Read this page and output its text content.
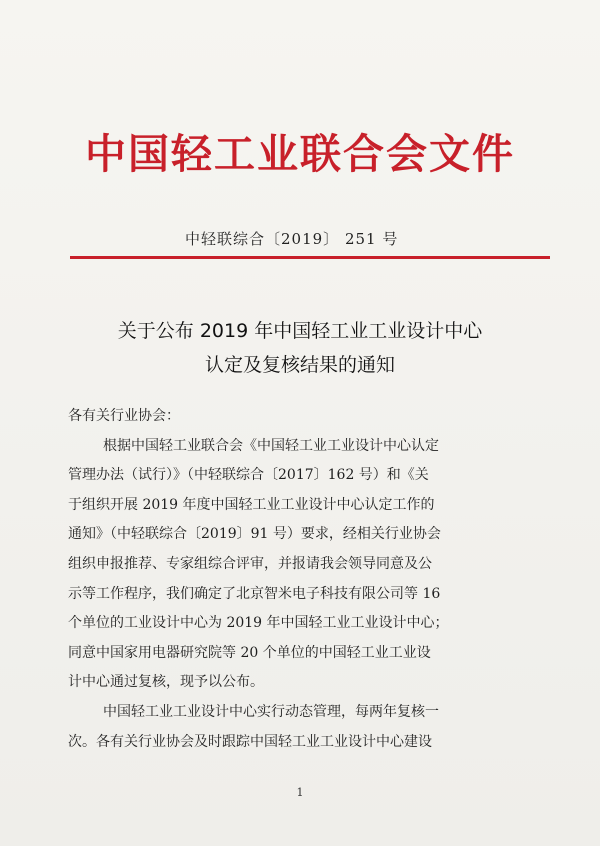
中国轻工业联合会文件
中轻联综合〔2019〕 251 号
关于公布 2019 年中国轻工业工业设计中心
认定及复核结果的通知
各有关行业协会：
根据中国轻工业联合会《中国轻工业工业设计中心认定
管理办法（试行）》（中轻联综合〔2017〕162 号）和《关
于组织开展 2019 年度中国轻工业工业设计中心认定工作的
通知》（中轻联综合〔2019〕91 号）要求，经相关行业协会
组织申报推荐、专家组综合评审，并报请我会领导同意及公
示等工作程序，我们确定了北京智米电子科技有限公司等 16
个单位的工业设计中心为 2019 年中国轻工业工业设计中心；
同意中国家用电器研究院等 20 个单位的中国轻工业工业设
计中心通过复核，现予以公布。
中国轻工业工业设计中心实行动态管理，每两年复核一
次。各有关行业协会及时跟踪中国轻工业工业设计中心建设
1
